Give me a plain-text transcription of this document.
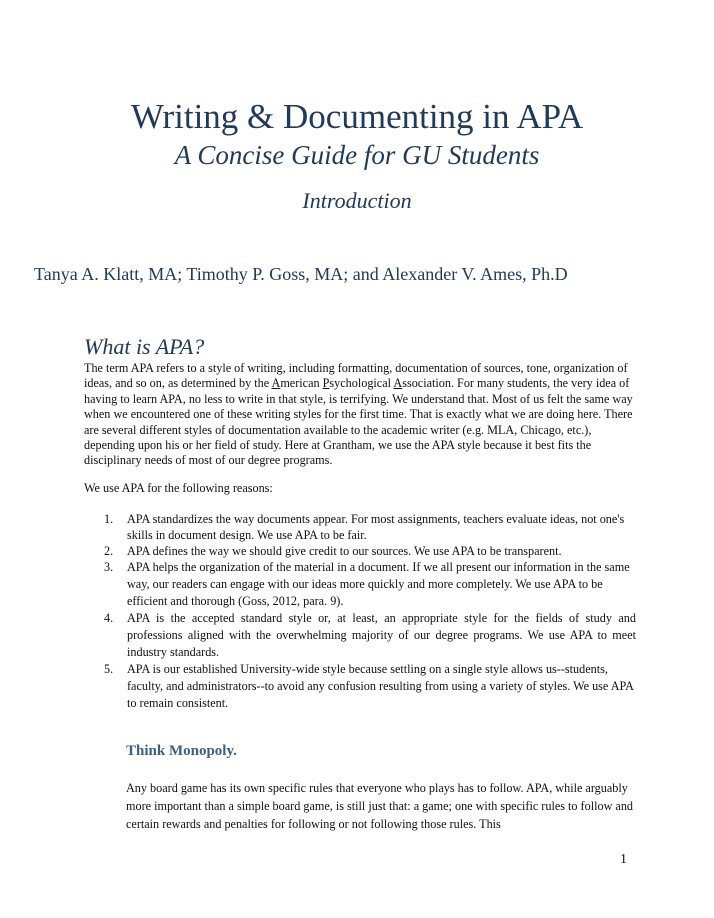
Writing & Documenting in APA
A Concise Guide for GU Students
Introduction
Tanya A. Klatt, MA; Timothy P. Goss, MA; and Alexander V. Ames, Ph.D
What is APA?
The term APA refers to a style of writing, including formatting, documentation of sources, tone, organization of ideas, and so on, as determined by the American Psychological Association. For many students, the very idea of having to learn APA, no less to write in that style, is terrifying. We understand that. Most of us felt the same way when we encountered one of these writing styles for the first time. That is exactly what we are doing here. There are several different styles of documentation available to the academic writer (e.g. MLA, Chicago, etc.), depending upon his or her field of study. Here at Grantham, we use the APA style because it best fits the disciplinary needs of most of our degree programs.
We use APA for the following reasons:
1. APA standardizes the way documents appear. For most assignments, teachers evaluate ideas, not one's skills in document design. We use APA to be fair.
2. APA defines the way we should give credit to our sources. We use APA to be transparent.
3. APA helps the organization of the material in a document. If we all present our information in the same way, our readers can engage with our ideas more quickly and more completely. We use APA to be efficient and thorough (Goss, 2012, para. 9).
4. APA is the accepted standard style or, at least, an appropriate style for the fields of study and professions aligned with the overwhelming majority of our degree programs. We use APA to meet industry standards.
5. APA is our established University-wide style because settling on a single style allows us--students, faculty, and administrators--to avoid any confusion resulting from using a variety of styles. We use APA to remain consistent.
Think Monopoly.
Any board game has its own specific rules that everyone who plays has to follow. APA, while arguably more important than a simple board game, is still just that: a game; one with specific rules to follow and certain rewards and penalties for following or not following those rules. This
1
